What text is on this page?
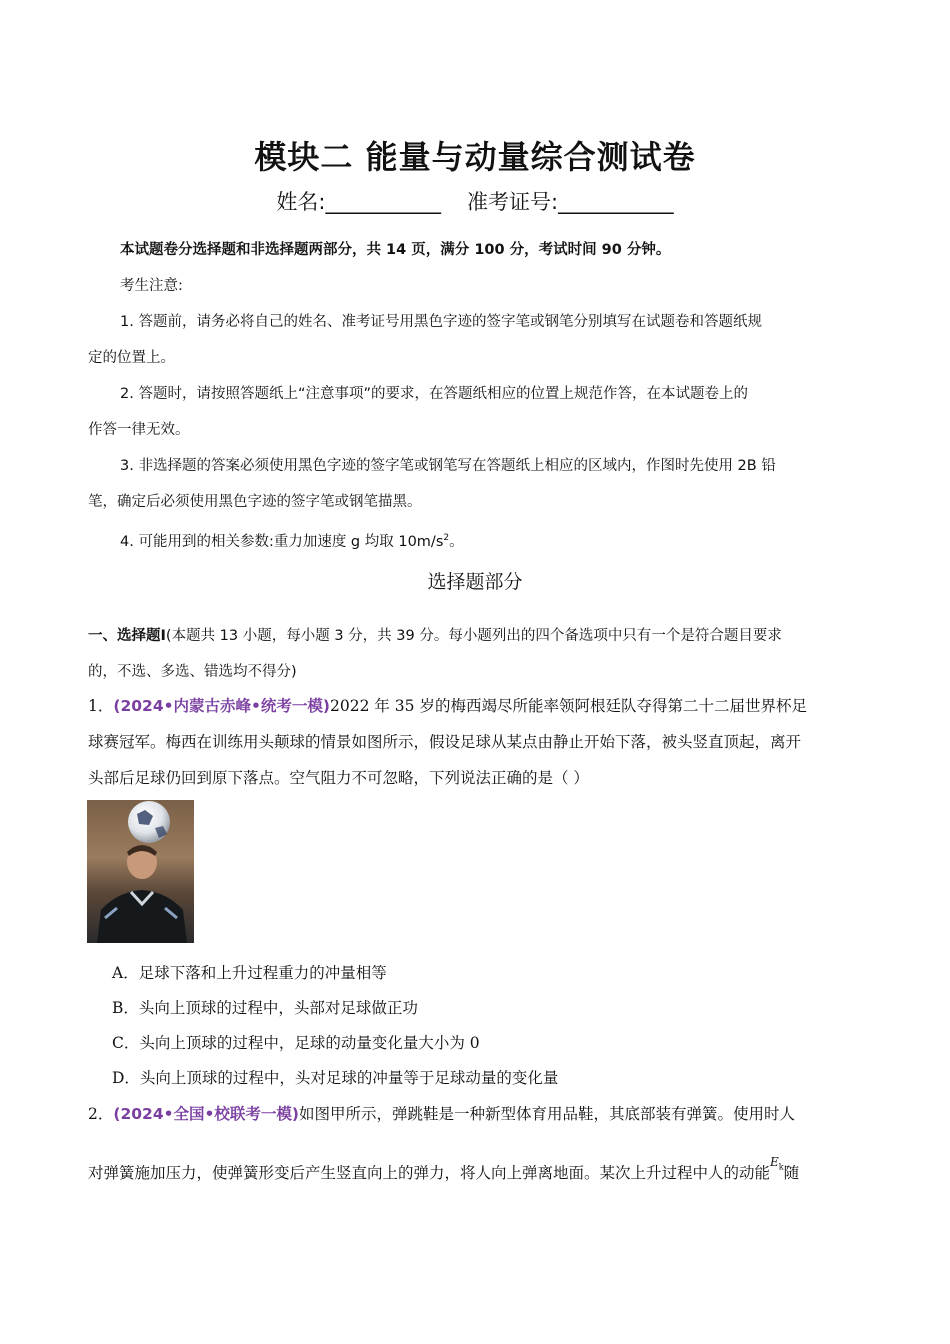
模块二 能量与动量综合测试卷
姓名:___________ 准考证号:___________
本试题卷分选择题和非选择题两部分，共 14 页，满分 100 分，考试时间 90 分钟。
考生注意:
1. 答题前，请务必将自己的姓名、准考证号用黑色字迹的签字笔或钢笔分别填写在试题卷和答题纸规
定的位置上。
2. 答题时，请按照答题纸上“注意事项”的要求，在答题纸相应的位置上规范作答，在本试题卷上的
作答一律无效。
3. 非选择题的答案必须使用黑色字迹的签字笔或钢笔写在答题纸上相应的区域内，作图时先使用 2B 铅
笔，确定后必须使用黑色字迹的签字笔或钢笔描黑。
4. 可能用到的相关参数:重力加速度 g 均取 $10m/s^2$。
选择题部分
一、选择题Ⅰ(本题共 13 小题，每小题 3 分，共 39 分。每小题列出的四个备选项中只有一个是符合题目要求
的，不选、多选、错选均不得分)
1．(2024•内蒙古赤峰•统考一模)2022 年 35 岁的梅西竭尽所能率领阿根廷队夺得第二十二届世界杯足
球赛冠军。梅西在训练用头颠球的情景如图所示，假设足球从某点由静止开始下落，被头竖直顶起，离开
头部后足球仍回到原下落点。空气阻力不可忽略，下列说法正确的是（ ）
A．足球下落和上升过程重力的冲量相等
B．头向上顶球的过程中，头部对足球做正功
C．头向上顶球的过程中，足球的动量变化量大小为 0
D．头向上顶球的过程中，头对足球的冲量等于足球动量的变化量
2．(2024•全国•校联考一模)如图甲所示，弹跳鞋是一种新型体育用品鞋，其底部装有弹簧。使用时人
对弹簧施加压力，使弹簧形变后产生竖直向上的弹力，将人向上弹离地面。某次上升过程中人的动能$^{E_k}$随
